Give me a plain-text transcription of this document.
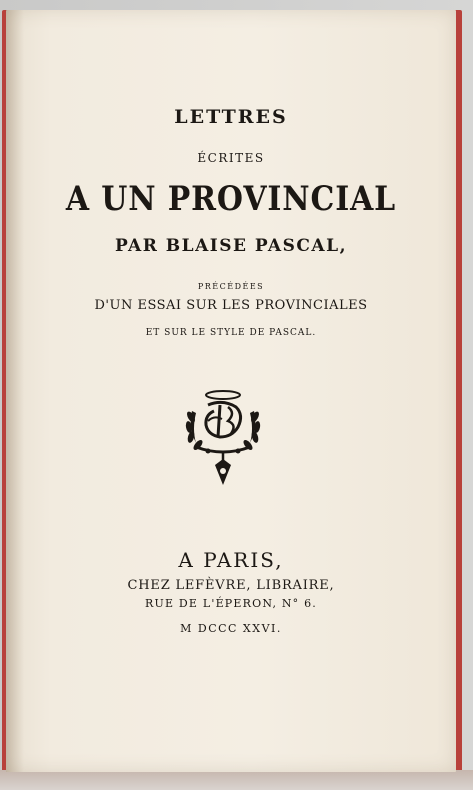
LETTRES
ÉCRITES
A UN PROVINCIAL
PAR BLAISE PASCAL,
PRÉCÉDÉES
D'UN ESSAI SUR LES PROVINCIALES
ET SUR LE STYLE DE PASCAL.
A PARIS,
CHEZ LEFÈVRE, LIBRAIRE,
RUE DE L'ÉPERON, N° 6.
M DCCC XXVI.
